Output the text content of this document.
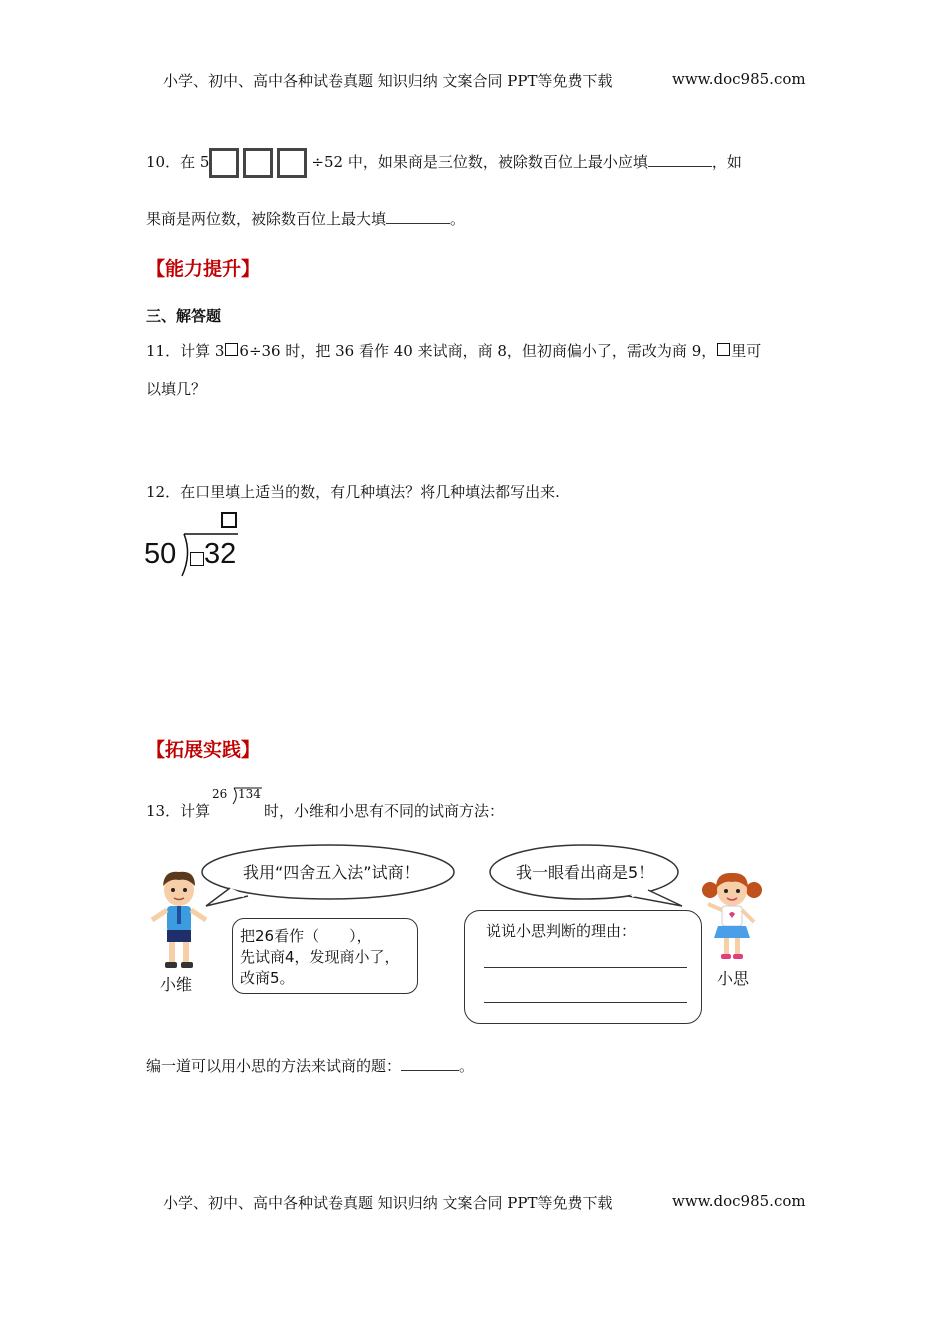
小学、初中、高中各种试卷真题 知识归纳 文案合同 PPT等免费下载	www.doc985.com
10．在 5	÷52 中，如果商是三位数，被除数百位上最小应填	，如
果商是两位数，被除数百位上最大填	。
【能力提升】
三、解答题
11．计算 3 6÷36 时，把 36 看作 40 来试商，商 8，但初商偏小了，需改为商 9， 里可
以填几？
12．在口里填上适当的数，有几种填法？将几种填法都写出来.
50 32
【拓展实践】
13．计算
26 134
时，小维和小思有不同的试商方法：
我用“四舍五入法”试商！	我一眼看出商是5！
小维
把26看作（　　），
先试商4，发现商小了，
改商5。
说说小思判断的理由：
小思
编一道可以用小思的方法来试商的题：	。
小学、初中、高中各种试卷真题 知识归纳 文案合同 PPT等免费下载	www.doc985.com
